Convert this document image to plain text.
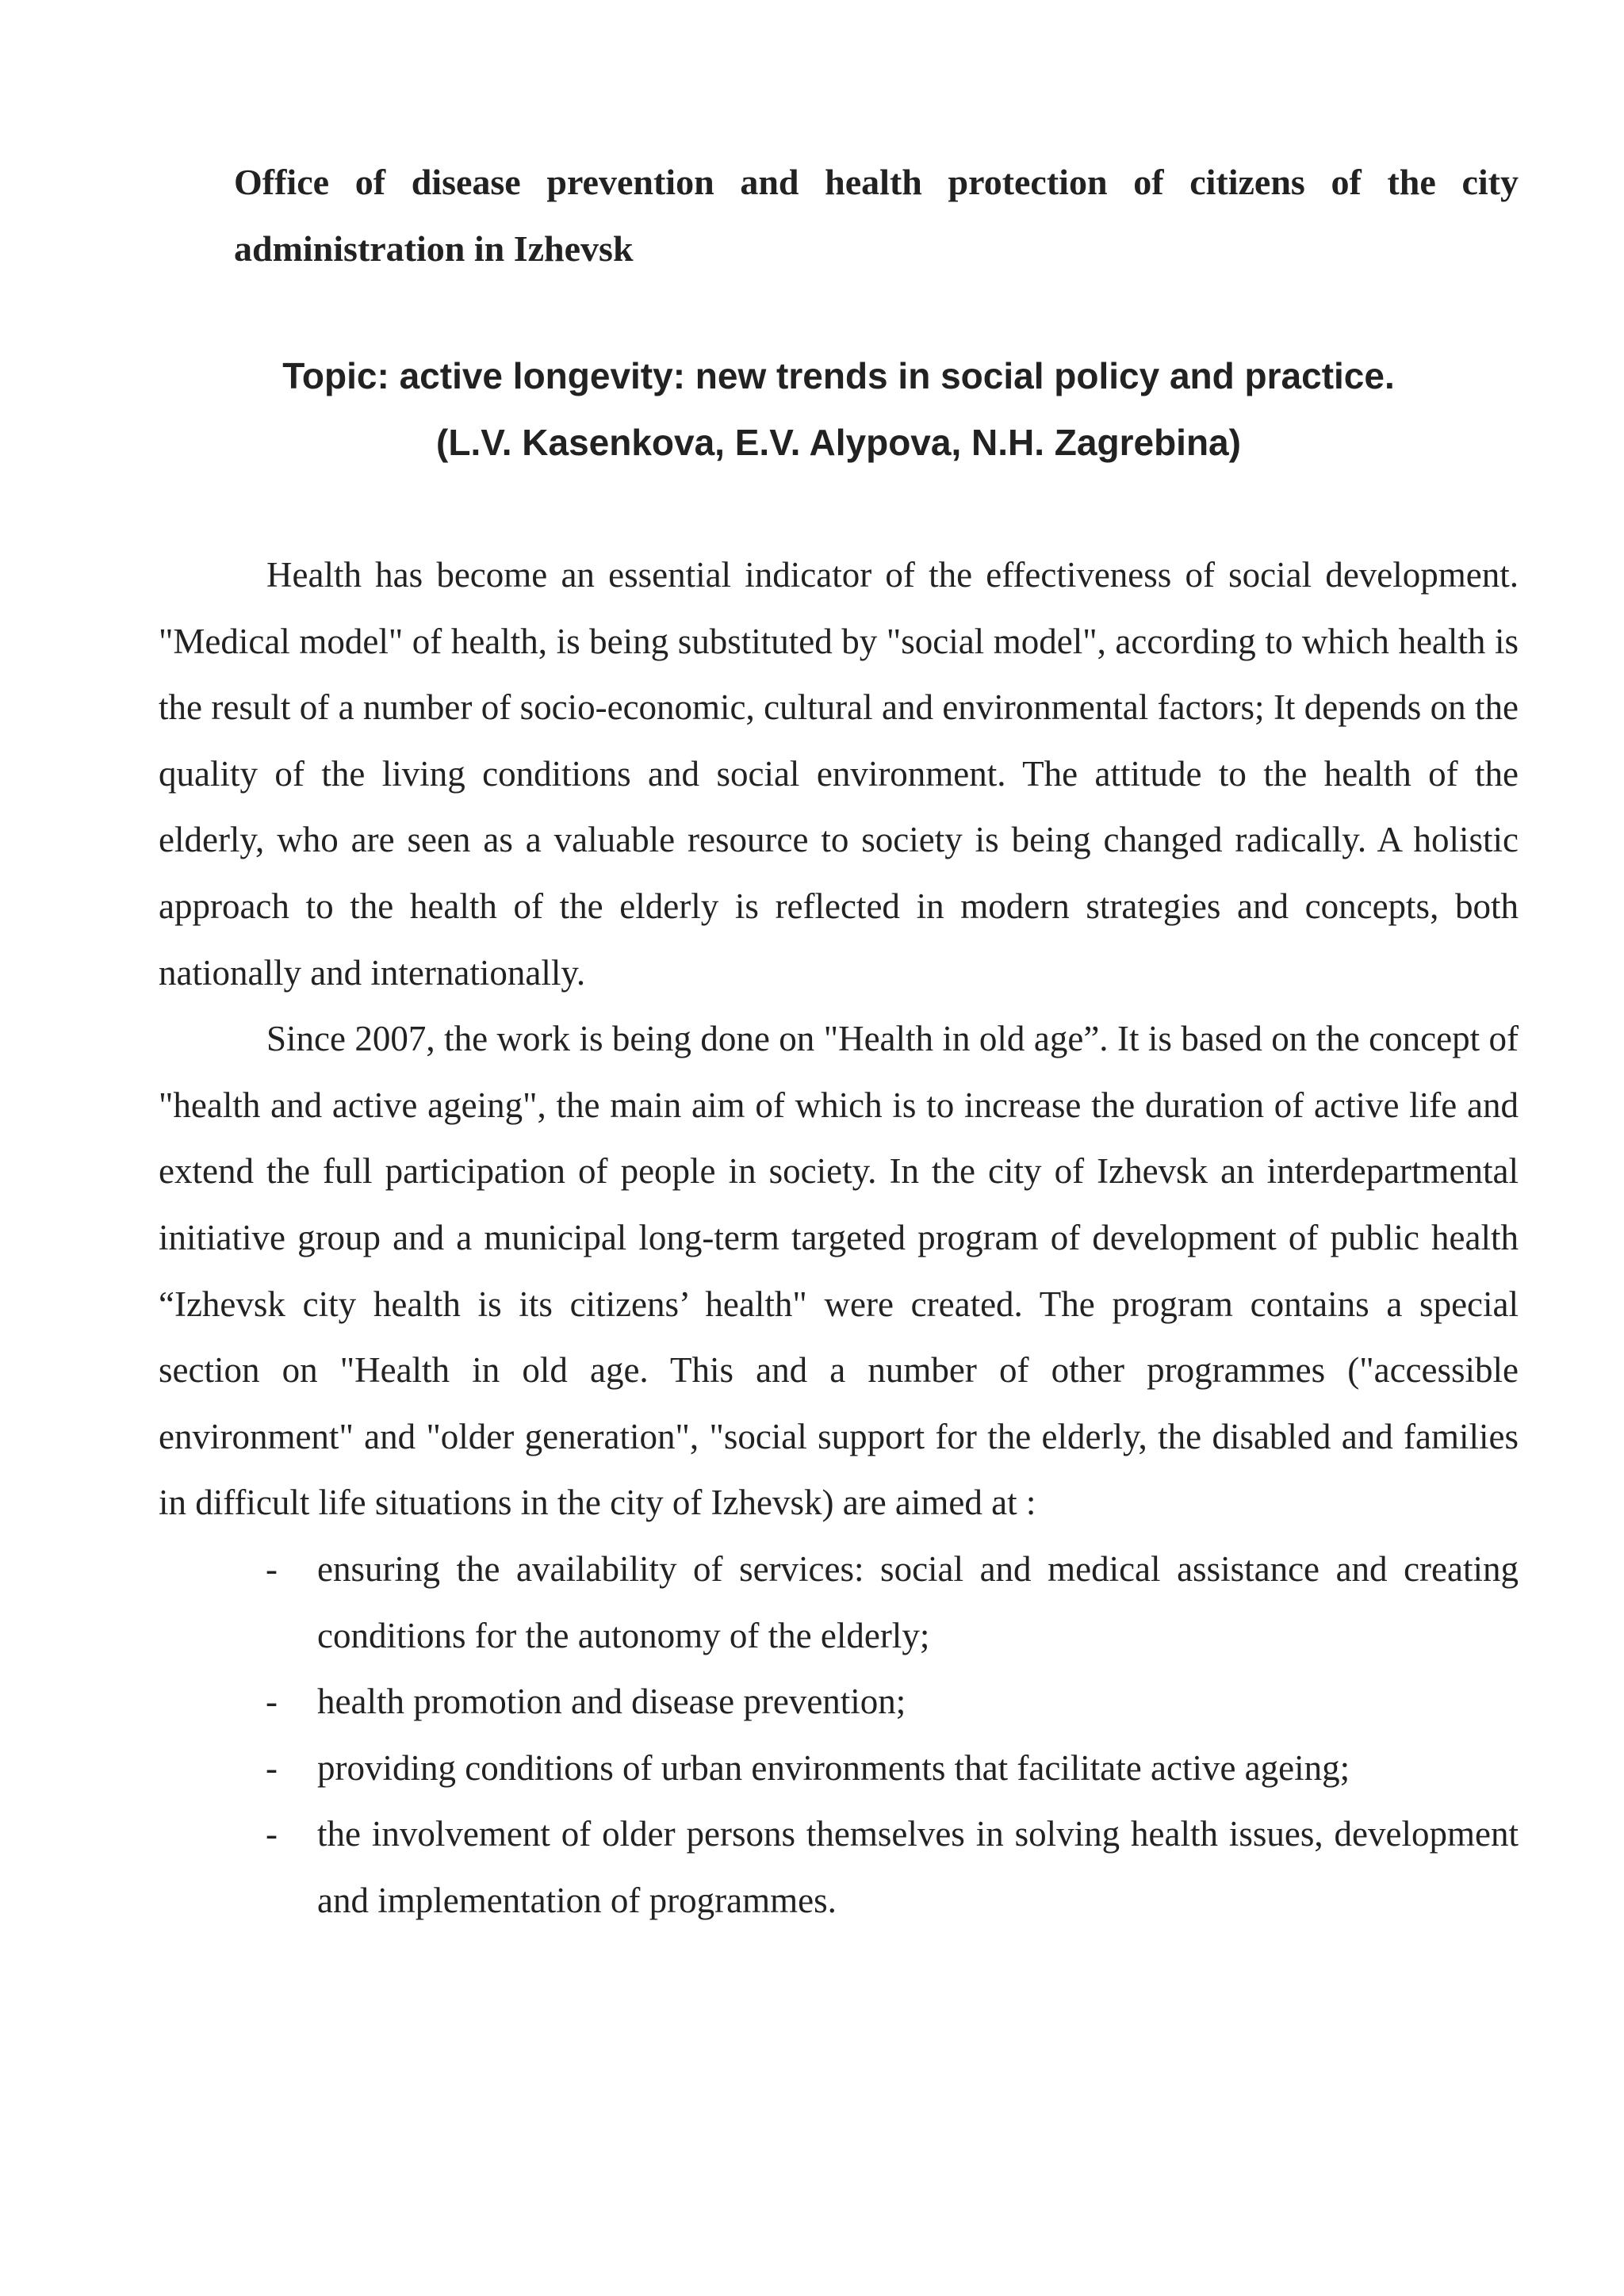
Office of disease prevention and health protection of citizens of the city administration in Izhevsk

Topic: active longevity: new trends in social policy and practice.
(L.V. Kasenkova, E.V. Alypova, N.H. Zagrebina)

Health has become an essential indicator of the effectiveness of social development. "Medical model" of health, is being substituted by "social model", according to which health is the result of a number of socio-economic, cultural and environmental factors; It depends on the quality of the living conditions and social environment. The attitude to the health of the elderly, who are seen as a valuable resource to society is being changed radically. A holistic approach to the health of the elderly is reflected in modern strategies and concepts, both nationally and internationally.

Since 2007, the work is being done on "Health in old age”. It is based on the concept of "health and active ageing", the main aim of which is to increase the duration of active life and extend the full participation of people in society. In the city of Izhevsk an interdepartmental initiative group and a municipal long-term targeted program of development of public health “Izhevsk city health is its citizens’ health" were created. The program contains a special section on "Health in old age. This and a number of other programmes ("accessible environment" and "older generation", "social support for the elderly, the disabled and families in difficult life situations in the city of Izhevsk) are aimed at :

- ensuring the availability of services: social and medical assistance and creating conditions for the autonomy of the elderly;
- health promotion and disease prevention;
- providing conditions of urban environments that facilitate active ageing;
- the involvement of older persons themselves in solving health issues, development and implementation of programmes.
